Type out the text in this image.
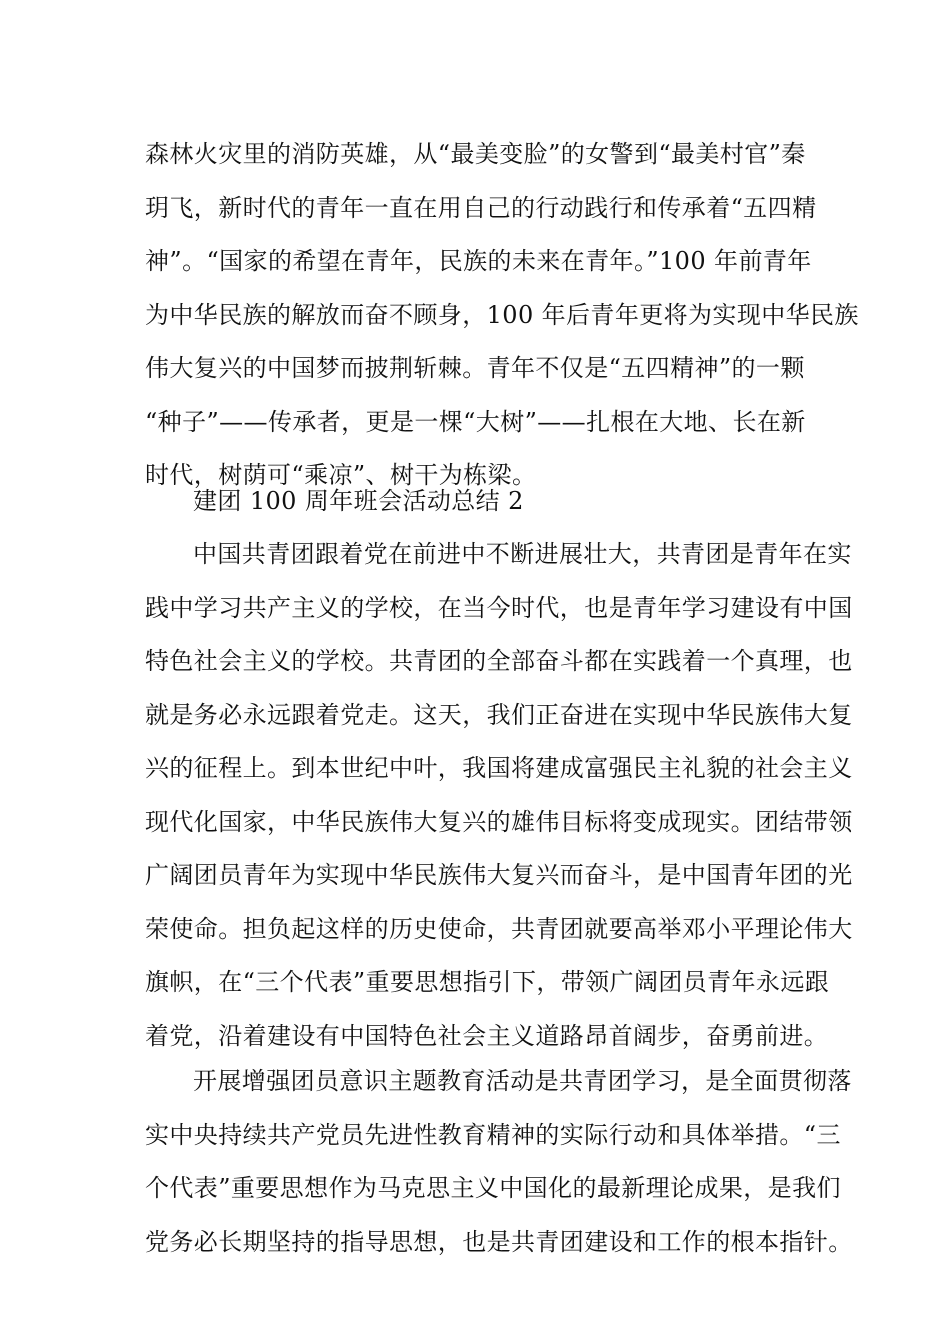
森林火灾里的消防英雄，从“最美变脸”的女警到“最美村官”秦
玥飞，新时代的青年一直在用自己的行动践行和传承着“五四精
神”。“国家的希望在青年，民族的未来在青年。”100 年前青年
为中华民族的解放而奋不顾身，100 年后青年更将为实现中华民族
伟大复兴的中国梦而披荆斩棘。青年不仅是“五四精神”的一颗
“种子”——传承者，更是一棵“大树”——扎根在大地、长在新
时代，树荫可“乘凉”、树干为栋梁。
建团 100 周年班会活动总结 2
中国共青团跟着党在前进中不断进展壮大，共青团是青年在实
践中学习共产主义的学校，在当今时代，也是青年学习建设有中国
特色社会主义的学校。共青团的全部奋斗都在实践着一个真理，也
就是务必永远跟着党走。这天，我们正奋进在实现中华民族伟大复
兴的征程上。到本世纪中叶，我国将建成富强民主礼貌的社会主义
现代化国家，中华民族伟大复兴的雄伟目标将变成现实。团结带领
广阔团员青年为实现中华民族伟大复兴而奋斗，是中国青年团的光
荣使命。担负起这样的历史使命，共青团就要高举邓小平理论伟大
旗帜，在“三个代表”重要思想指引下，带领广阔团员青年永远跟
着党，沿着建设有中国特色社会主义道路昂首阔步，奋勇前进。
开展增强团员意识主题教育活动是共青团学习，是全面贯彻落
实中央持续共产党员先进性教育精神的实际行动和具体举措。“三
个代表”重要思想作为马克思主义中国化的最新理论成果，是我们
党务必长期坚持的指导思想，也是共青团建设和工作的根本指针。
